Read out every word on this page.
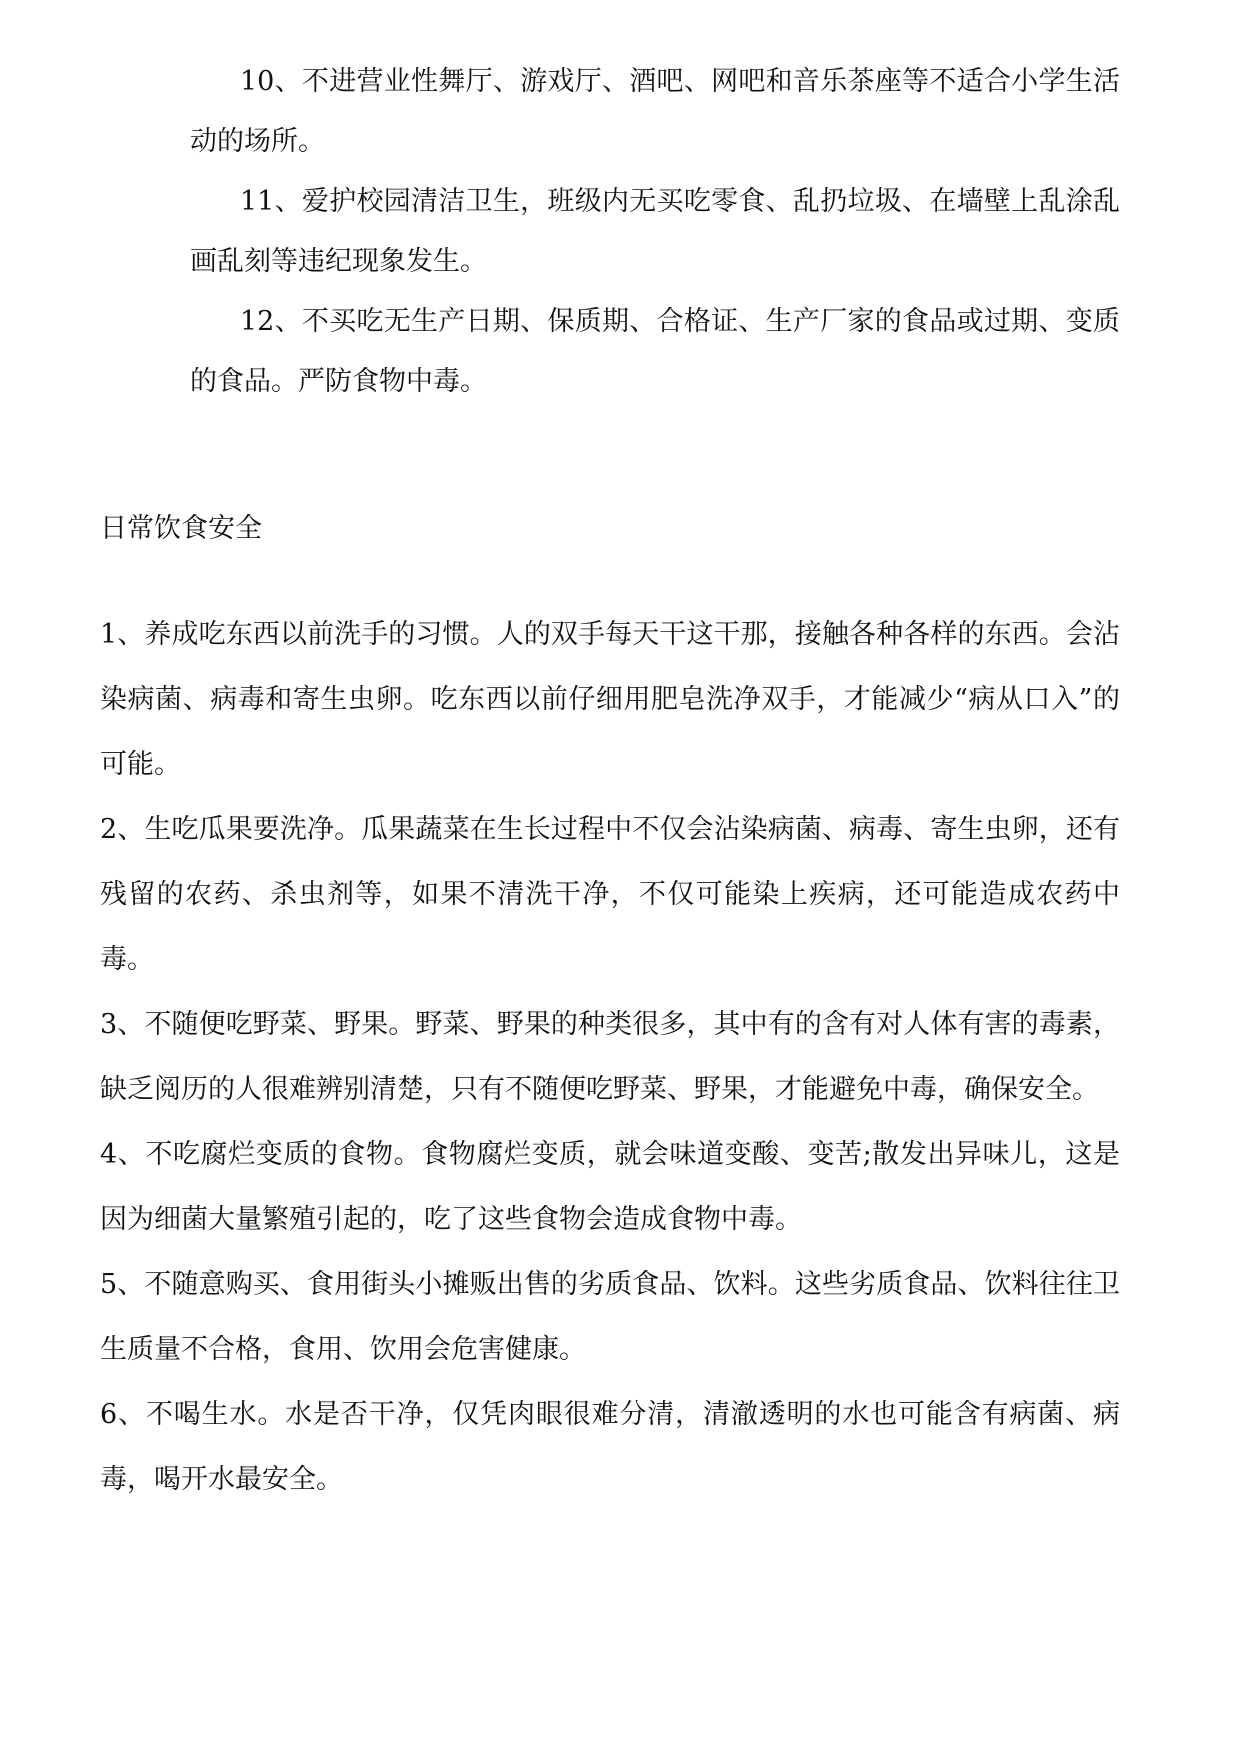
10、不进营业性舞厅、游戏厅、酒吧、网吧和音乐茶座等不适合小学生活动的场所。

11、爱护校园清洁卫生，班级内无买吃零食、乱扔垃圾、在墙壁上乱涂乱画乱刻等违纪现象发生。

12、不买吃无生产日期、保质期、合格证、生产厂家的食品或过期、变质的食品。严防食物中毒。

日常饮食安全

1、养成吃东西以前洗手的习惯。人的双手每天干这干那，接触各种各样的东西。会沾染病菌、病毒和寄生虫卵。吃东西以前仔细用肥皂洗净双手，才能减少“病从口入”的可能。

2、生吃瓜果要洗净。瓜果蔬菜在生长过程中不仅会沾染病菌、病毒、寄生虫卵，还有残留的农药、杀虫剂等，如果不清洗干净，不仅可能染上疾病，还可能造成农药中毒。

3、不随便吃野菜、野果。野菜、野果的种类很多，其中有的含有对人体有害的毒素，缺乏阅历的人很难辨别清楚，只有不随便吃野菜、野果，才能避免中毒，确保安全。

4、不吃腐烂变质的食物。食物腐烂变质，就会味道变酸、变苦;散发出异味儿，这是因为细菌大量繁殖引起的，吃了这些食物会造成食物中毒。

5、不随意购买、食用街头小摊贩出售的劣质食品、饮料。这些劣质食品、饮料往往卫生质量不合格，食用、饮用会危害健康。

6、不喝生水。水是否干净，仅凭肉眼很难分清，清澈透明的水也可能含有病菌、病毒，喝开水最安全。
